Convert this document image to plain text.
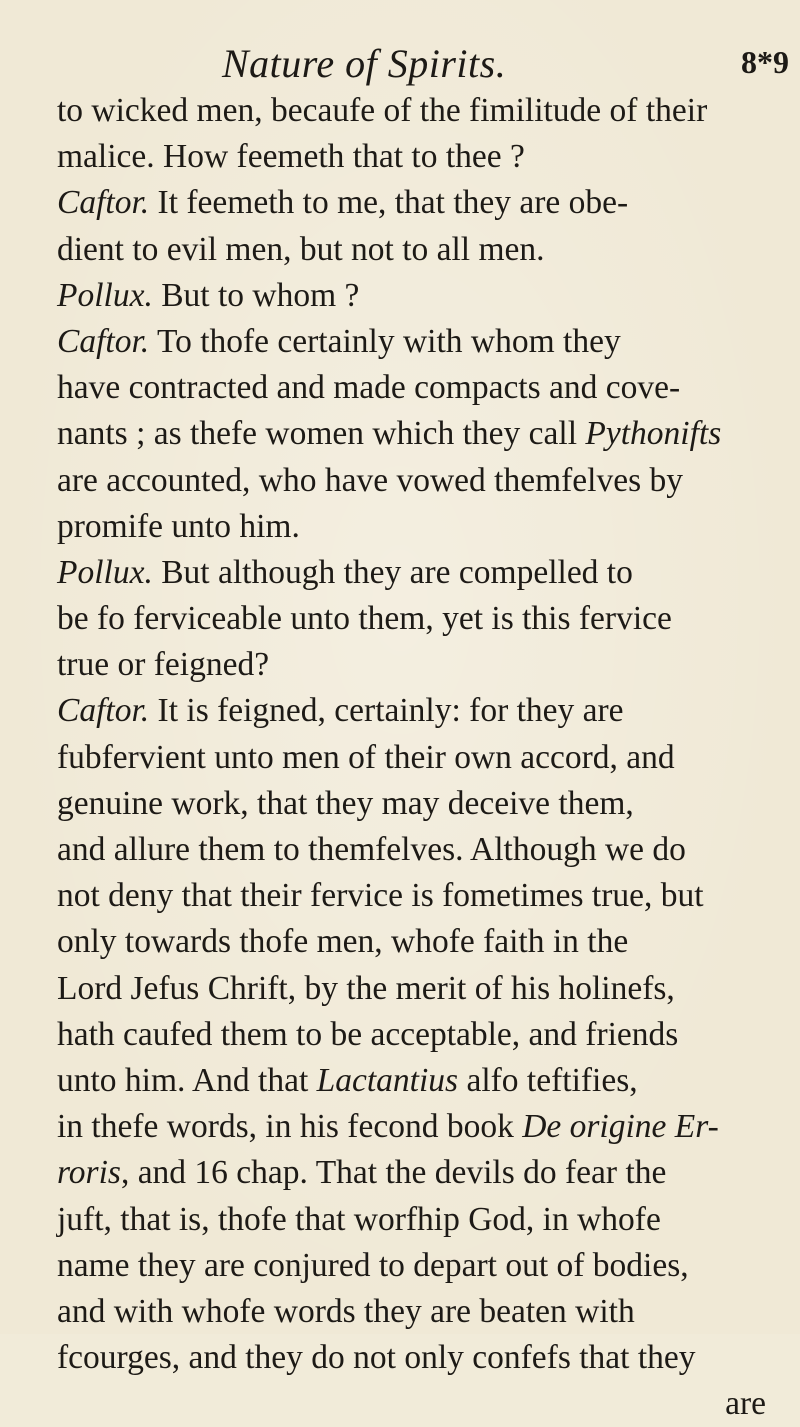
Nature of Spirits.	8*9
to wicked men, becaufe of the fimilitude of their
malice. How feemeth that to thee ?
Caftor. It feemeth to me, that they are obe-
dient to evil men, but not to all men.
Pollux. But to whom ?
Caftor. To thofe certainly with whom they
have contracted and made compacts and cove-
nants ; as thefe women which they call Pythonifts
are accounted, who have vowed themfelves by
promife unto him.
Pollux. But although they are compelled to
be fo ferviceable unto them, yet is this fervice
true or feigned?
Caftor. It is feigned, certainly: for they are
fubfervient unto men of their own accord, and
genuine work, that they may deceive them,
and allure them to themfelves. Although we do
not deny that their fervice is fometimes true, but
only towards thofe men, whofe faith in the
Lord Jefus Chrift, by the merit of his holinefs,
hath caufed them to be acceptable, and friends
unto him. And that Lactantius alfo teftifies,
in thefe words, in his fecond book De origine Er-
roris, and 16 chap. That the devils do fear the
juft, that is, thofe that worfhip God, in whofe
name they are conjured to depart out of bodies,
and with whofe words they are beaten with
fcourges, and they do not only confefs that they
are
